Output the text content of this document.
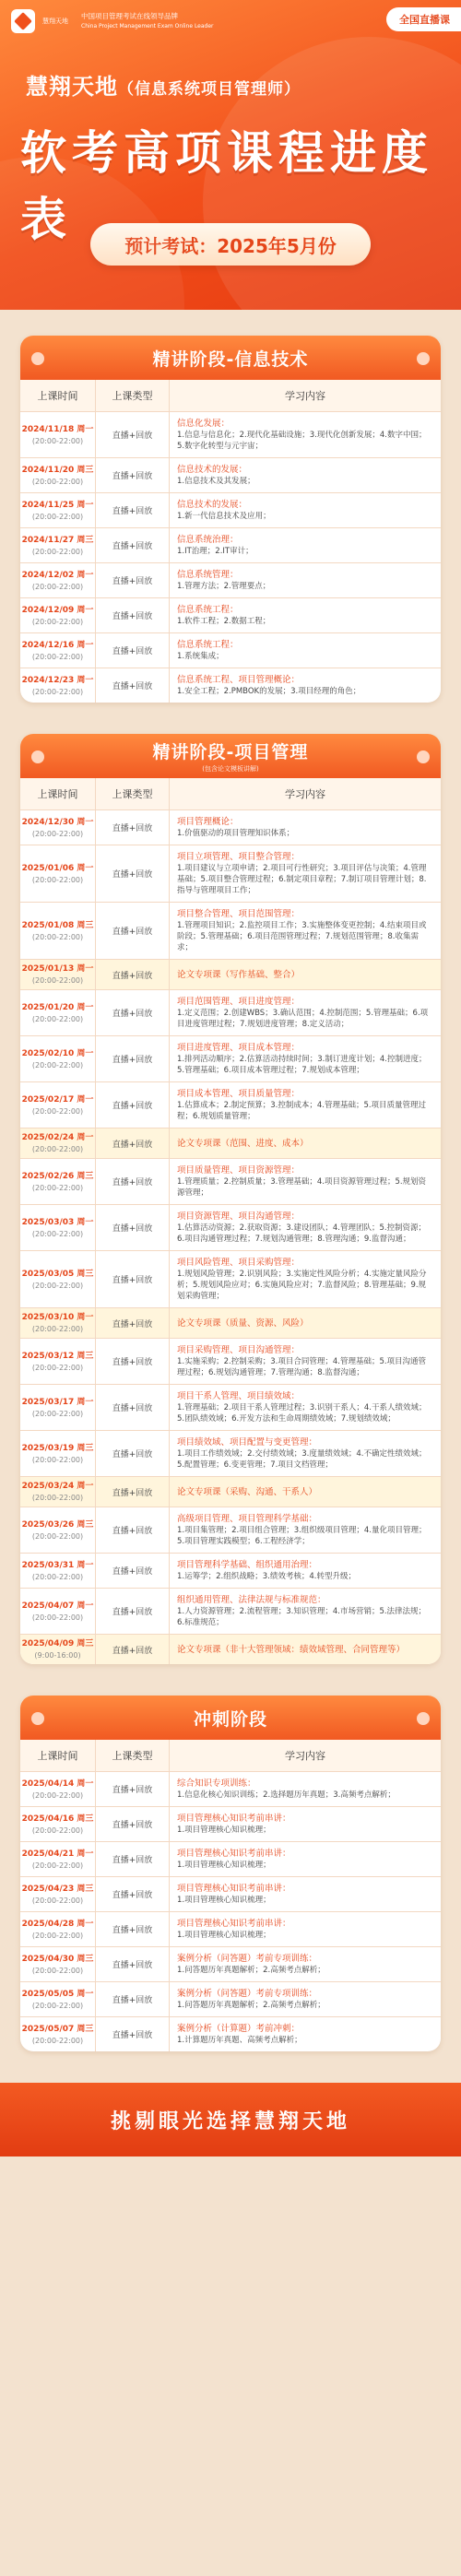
慧翔天地
中国项目管理考试在线领导品牌
China Project Management Exam Online Leader
全国直播课
慧翔天地（信息系统项目管理师）
软考高项课程进度表	预计考试：2025年5月份
精讲阶段-信息技术
上课时间	上课类型	学习内容
2024/11/18 周一
(20:00-22:00)	直播+回放
信息化发展：
1.信息与信息化；2.现代化基础设施；3.现代化创新发展；4.数字中国；5.数字化转型与元宇宙；
2024/11/20 周三
(20:00-22:00)	直播+回放
信息技术的发展：
1.信息技术及其发展；
2024/11/25 周一
(20:00-22:00)	直播+回放
信息技术的发展：
1.新一代信息技术及应用；
2024/11/27 周三
(20:00-22:00)	直播+回放
信息系统治理：
1.IT治理；2.IT审计；
2024/12/02 周一
(20:00-22:00)	直播+回放
信息系统管理：
1.管理方法；2.管理要点；
2024/12/09 周一
(20:00-22:00)	直播+回放
信息系统工程：
1.软件工程；2.数据工程；
2024/12/16 周一
(20:00-22:00)	直播+回放
信息系统工程：
1.系统集成；
2024/12/23 周一
(20:00-22:00)	直播+回放
信息系统工程、项目管理概论：
1.安全工程；2.PMBOK的发展；3.项目经理的角色；
精讲阶段-项目管理
(包含论文模板讲解)
上课时间	上课类型	学习内容
2024/12/30 周一
(20:00-22:00)	直播+回放
项目管理概论：
1.价值驱动的项目管理知识体系；
2025/01/06 周一
(20:00-22:00)	直播+回放
项目立项管理、项目整合管理：
1.项目建议与立项申请；2.项目可行性研究；3.项目评估与决策；4.管理基础；5.项目整合管理过程；6.制定项目章程；7.制订项目管理计划；8.指导与管理项目工作；
2025/01/08 周三
(20:00-22:00)	直播+回放
项目整合管理、项目范围管理：
1.管理项目知识；2.监控项目工作；3.实施整体变更控制；4.结束项目或阶段；5.管理基础；6.项目范围管理过程；7.规划范围管理；8.收集需求；
2025/01/13 周一
(20:00-22:00)	直播+回放	论文专项课（写作基础、整合）
2025/01/20 周一
(20:00-22:00)	直播+回放
项目范围管理、项目进度管理：
1.定义范围；2.创建WBS；3.确认范围；4.控制范围；5.管理基础；6.项目进度管理过程；7.规划进度管理；8.定义活动；
2025/02/10 周一
(20:00-22:00)	直播+回放
项目进度管理、项目成本管理：
1.排列活动顺序；2.估算活动持续时间；3.制订进度计划；4.控制进度；5.管理基础；6.项目成本管理过程；7.规划成本管理；
2025/02/17 周一
(20:00-22:00)	直播+回放
项目成本管理、项目质量管理：
1.估算成本；2.制定预算；3.控制成本；4.管理基础；5.项目质量管理过程；6.规划质量管理；
2025/02/24 周一
(20:00-22:00)	直播+回放	论文专项课（范围、进度、成本）
2025/02/26 周三
(20:00-22:00)	直播+回放
项目质量管理、项目资源管理：
1.管理质量；2.控制质量；3.管理基础；4.项目资源管理过程；5.规划资源管理；
2025/03/03 周一
(20:00-22:00)	直播+回放
项目资源管理、项目沟通管理：
1.估算活动资源；2.获取资源；3.建设团队；4.管理团队；5.控制资源；6.项目沟通管理过程；7.规划沟通管理；8.管理沟通；9.监督沟通；
2025/03/05 周三
(20:00-22:00)	直播+回放
项目风险管理、项目采购管理：
1.规划风险管理；2.识别风险；3.实施定性风险分析；4.实施定量风险分析；5.规划风险应对；6.实施风险应对；7.监督风险；8.管理基础；9.规划采购管理；
2025/03/10 周一
(20:00-22:00)	直播+回放	论文专项课（质量、资源、风险）
2025/03/12 周三
(20:00-22:00)	直播+回放
项目采购管理、项目沟通管理：
1.实施采购；2.控制采购；3.项目合同管理；4.管理基础；5.项目沟通管理过程；6.规划沟通管理；7.管理沟通；8.监督沟通；
2025/03/17 周一
(20:00-22:00)	直播+回放
项目干系人管理、项目绩效域：
1.管理基础；2.项目干系人管理过程；3.识别干系人；4.干系人绩效域；5.团队绩效域；6.开发方法和生命周期绩效域；7.规划绩效域；
2025/03/19 周三
(20:00-22:00)	直播+回放
项目绩效域、项目配置与变更管理：
1.项目工作绩效域；2.交付绩效域；3.度量绩效域；4.不确定性绩效域；5.配置管理；6.变更管理；7.项目文档管理；
2025/03/24 周一
(20:00-22:00)	直播+回放	论文专项课（采购、沟通、干系人）
2025/03/26 周三
(20:00-22:00)	直播+回放
高级项目管理、项目管理科学基础：
1.项目集管理；2.项目组合管理；3.组织级项目管理；4.量化项目管理；5.项目管理实践模型；6.工程经济学；
2025/03/31 周一
(20:00-22:00)	直播+回放
项目管理科学基础、组织通用治理：
1.运筹学；2.组织战略；3.绩效考核；4.转型升级；
2025/04/07 周一
(20:00-22:00)	直播+回放
组织通用管理、法律法规与标准规范：
1.人力资源管理；2.流程管理；3.知识管理；4.市场营销；5.法律法规；6.标准规范；
2025/04/09 周三
(9:00-16:00)	直播+回放	论文专项课（非十大管理领域：绩效域管理、合同管理等）
冲刺阶段
上课时间	上课类型	学习内容
2025/04/14 周一
(20:00-22:00)	直播+回放
综合知识专项训练：
1.信息化核心知识训练；2.选择题历年真题；3.高频考点解析；
2025/04/16 周三
(20:00-22:00)	直播+回放
项目管理核心知识考前串讲：
1.项目管理核心知识梳理；
2025/04/21 周一
(20:00-22:00)	直播+回放
项目管理核心知识考前串讲：
1.项目管理核心知识梳理；
2025/04/23 周三
(20:00-22:00)	直播+回放
项目管理核心知识考前串讲：
1.项目管理核心知识梳理；
2025/04/28 周一
(20:00-22:00)	直播+回放
项目管理核心知识考前串讲：
1.项目管理核心知识梳理；
2025/04/30 周三
(20:00-22:00)	直播+回放
案例分析（问答题）考前专项训练：
1.问答题历年真题解析；2.高频考点解析；
2025/05/05 周一
(20:00-22:00)	直播+回放
案例分析（问答题）考前专项训练：
1.问答题历年真题解析；2.高频考点解析；
2025/05/07 周三
(20:00-22:00)	直播+回放
案例分析（计算题）考前冲刺：
1.计算题历年真题、高频考点解析；
挑剔眼光选择慧翔天地
